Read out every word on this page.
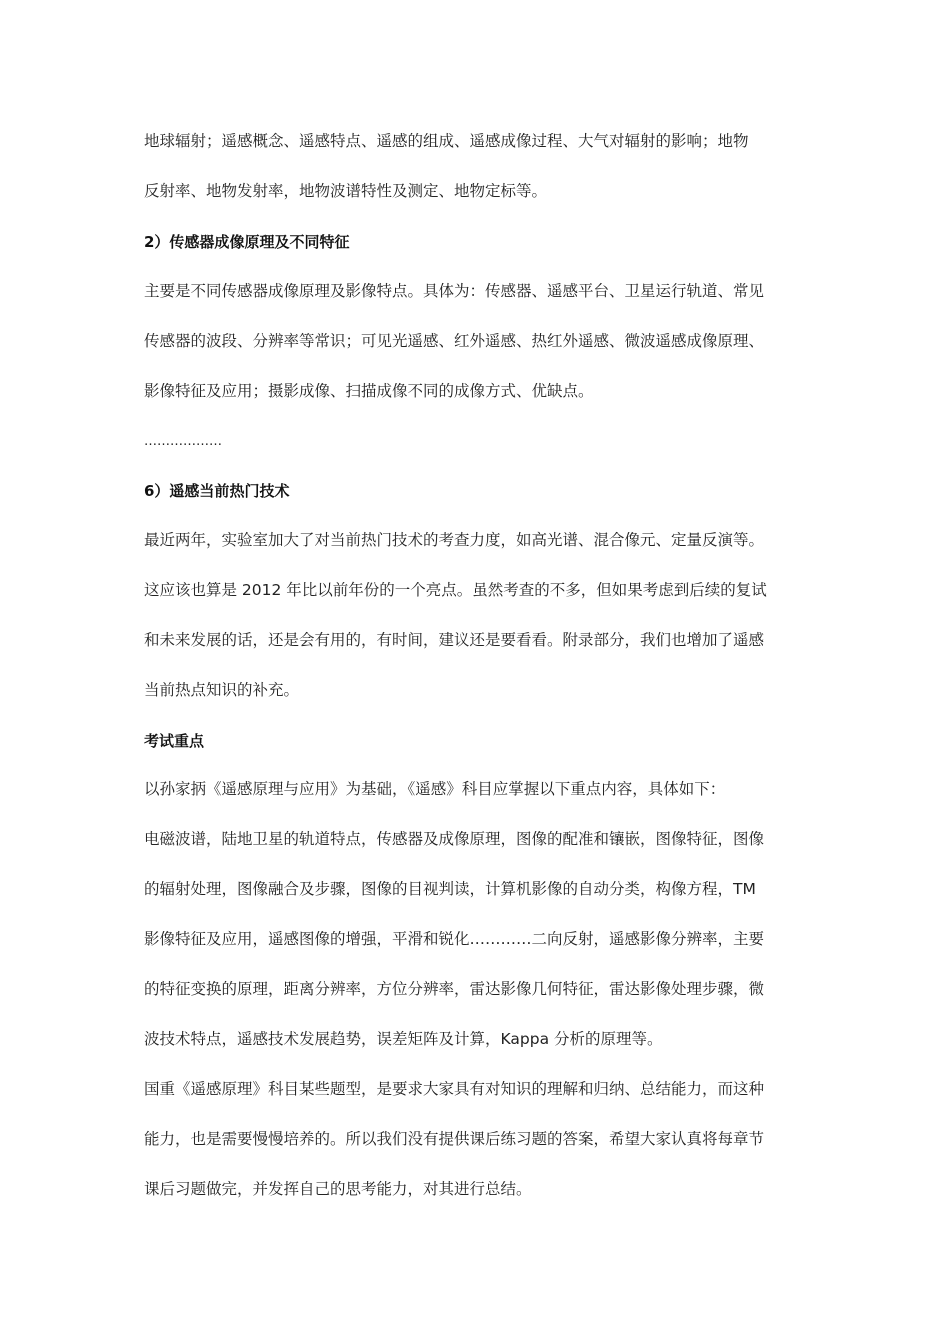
地球辐射；遥感概念、遥感特点、遥感的组成、遥感成像过程、大气对辐射的影响；地物
反射率、地物发射率，地物波谱特性及测定、地物定标等。
2）传感器成像原理及不同特征
主要是不同传感器成像原理及影像特点。具体为：传感器、遥感平台、卫星运行轨道、常见
传感器的波段、分辨率等常识；可见光遥感、红外遥感、热红外遥感、微波遥感成像原理、
影像特征及应用；摄影成像、扫描成像不同的成像方式、优缺点。
………………
6）遥感当前热门技术
最近两年，实验室加大了对当前热门技术的考查力度，如高光谱、混合像元、定量反演等。
这应该也算是 2012 年比以前年份的一个亮点。虽然考查的不多，但如果考虑到后续的复试
和未来发展的话，还是会有用的，有时间，建议还是要看看。附录部分，我们也增加了遥感
当前热点知识的补充。
考试重点
以孙家抦《遥感原理与应用》为基础，《遥感》科目应掌握以下重点内容，具体如下：
电磁波谱，陆地卫星的轨道特点，传感器及成像原理，图像的配准和镶嵌，图像特征，图像
的辐射处理，图像融合及步骤，图像的目视判读，计算机影像的自动分类，构像方程，TM
影像特征及应用，遥感图像的增强，平滑和锐化…………二向反射，遥感影像分辨率，主要
的特征变换的原理，距离分辨率，方位分辨率，雷达影像几何特征，雷达影像处理步骤，微
波技术特点，遥感技术发展趋势，误差矩阵及计算，Kappa 分析的原理等。
国重《遥感原理》科目某些题型，是要求大家具有对知识的理解和归纳、总结能力，而这种
能力，也是需要慢慢培养的。所以我们没有提供课后练习题的答案，希望大家认真将每章节
课后习题做完，并发挥自己的思考能力，对其进行总结。
